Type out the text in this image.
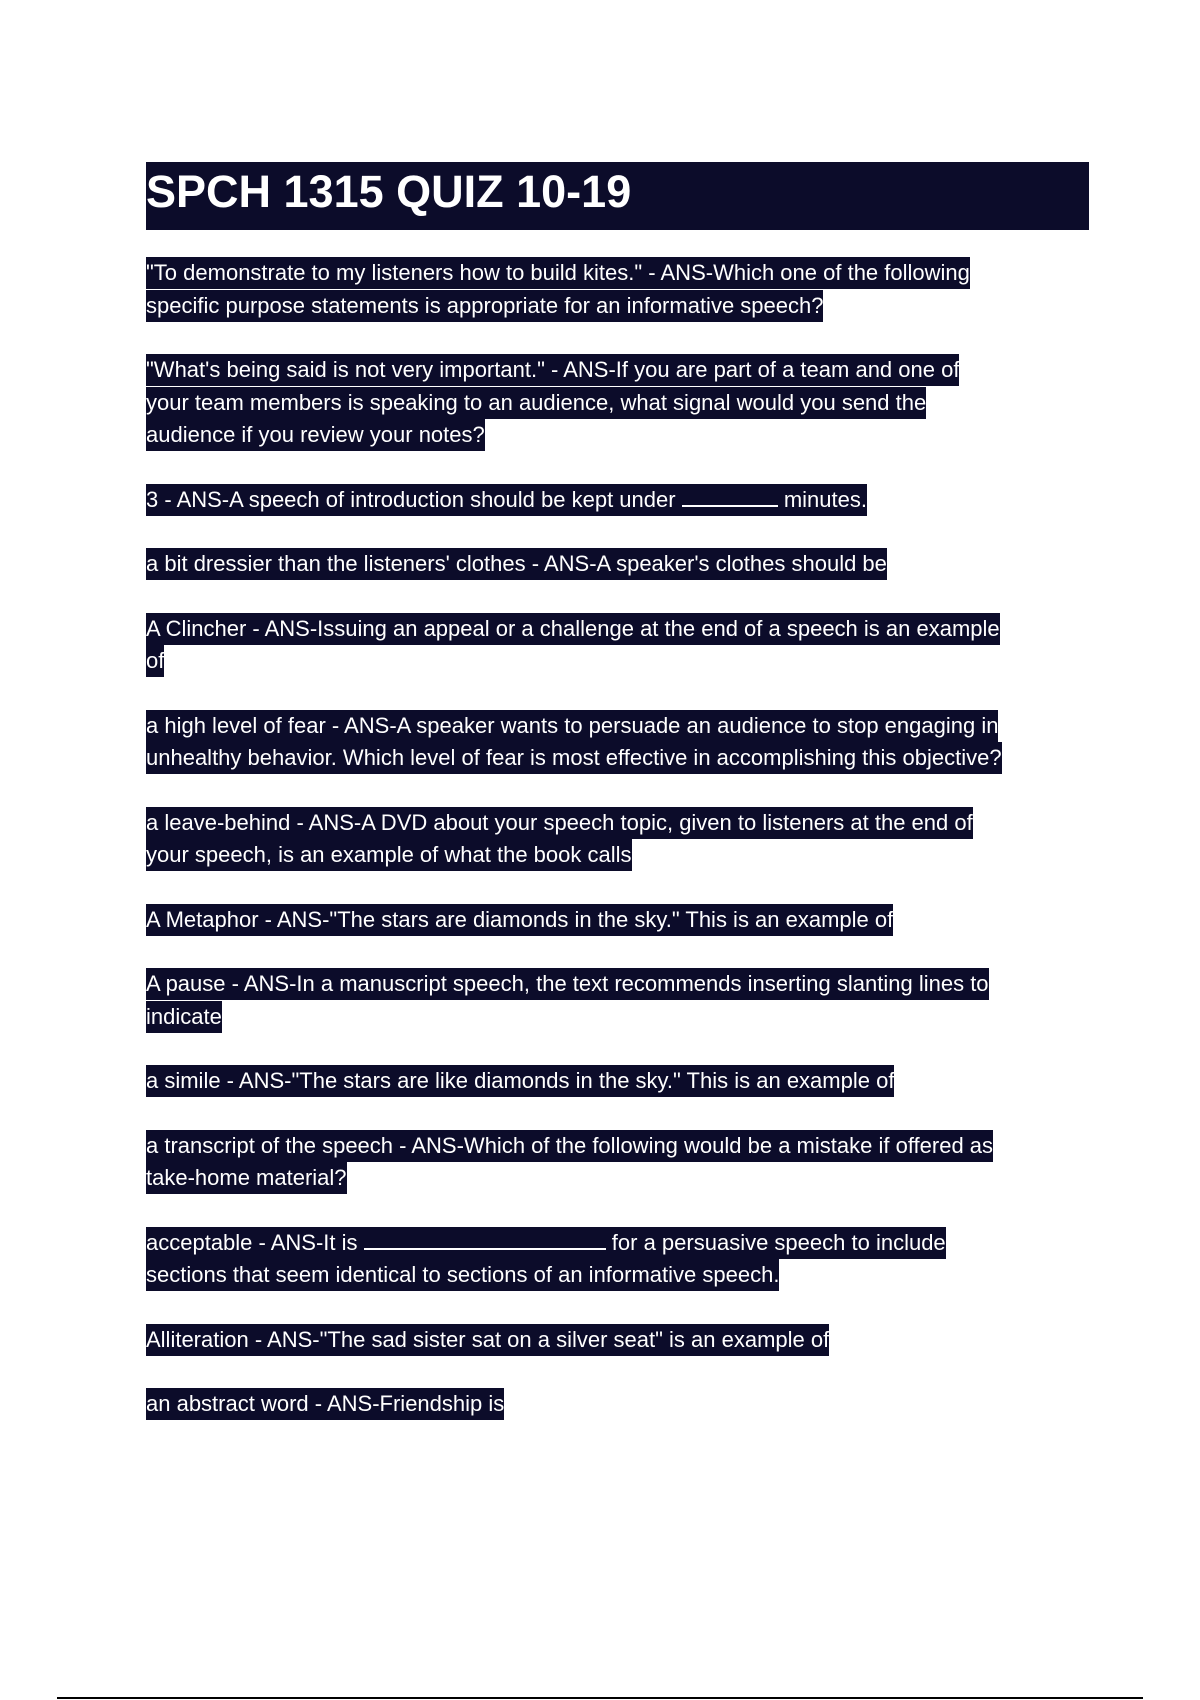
SPCH 1315 QUIZ 10-19
"To demonstrate to my listeners how to build kites." - ANS-Which one of the following
specific purpose statements is appropriate for an informative speech?
"What's being said is not very important." - ANS-If you are part of a team and one of
your team members is speaking to an audience, what signal would you send the
audience if you review your notes?
3 - ANS-A speech of introduction should be kept under	minutes.
a bit dressier than the listeners' clothes - ANS-A speaker's clothes should be
A Clincher - ANS-Issuing an appeal or a challenge at the end of a speech is an example
of
a high level of fear - ANS-A speaker wants to persuade an audience to stop engaging in
unhealthy behavior. Which level of fear is most effective in accomplishing this objective?
a leave-behind - ANS-A DVD about your speech topic, given to listeners at the end of
your speech, is an example of what the book calls
A Metaphor - ANS-"The stars are diamonds in the sky." This is an example of
A pause - ANS-In a manuscript speech, the text recommends inserting slanting lines to
indicate
a simile - ANS-"The stars are like diamonds in the sky." This is an example of
a transcript of the speech - ANS-Which of the following would be a mistake if offered as
take-home material?
acceptable - ANS-It is	for a persuasive speech to include
sections that seem identical to sections of an informative speech.
Alliteration - ANS-"The sad sister sat on a silver seat" is an example of
an abstract word - ANS-Friendship is
